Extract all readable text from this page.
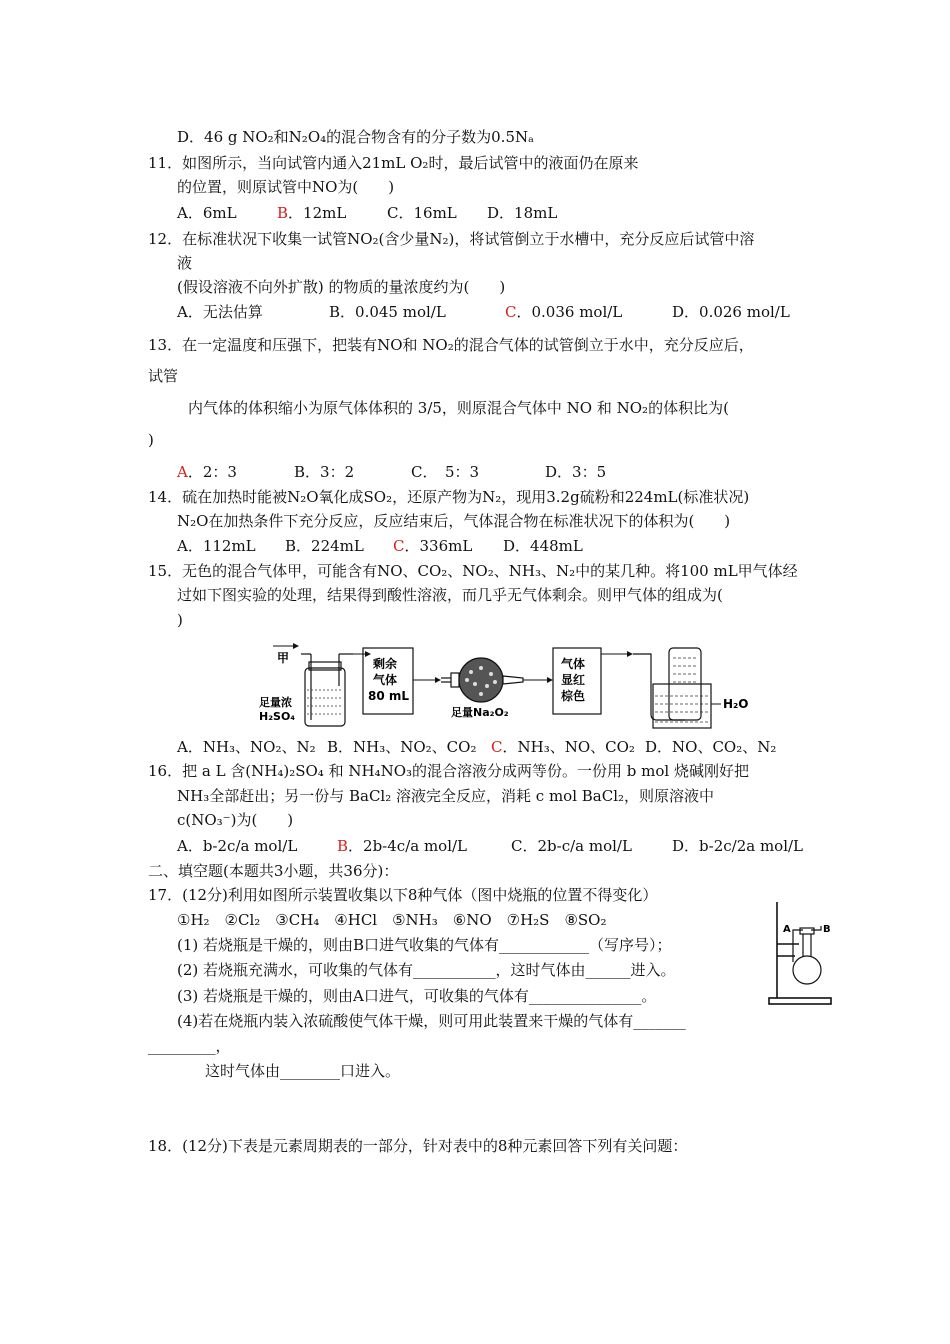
D．46 g NO₂和N₂O₄的混合物含有的分子数为0.5Nₐ
11．如图所示，当向试管内通入21mL O₂时，最后试管中的液面仍在原来
的位置，则原试管中NO为(　　)
A．6mL	B．12mL	C．16mL D．18mL
12．在标准状况下收集一试管NO₂(含少量N₂)，将试管倒立于水槽中，充分反应后试管中溶
液
(假设溶液不向外扩散) 的物质的量浓度约为(　　)
A．无法估算	B．0.045 mol/L	C．0.036 mol/L	D．0.026 mol/L
13．在一定温度和压强下，把装有NO和 NO₂的混合气体的试管倒立于水中，充分反应后，
试管
内气体的体积缩小为原气体体积的 3/5，则原混合气体中 NO 和 NO₂的体积比为(
)
A．2：3	B．3：2	C．　5：3	D．3：5
14．硫在加热时能被N₂O氧化成SO₂，还原产物为N₂，现用3.2g硫粉和224mL(标准状况)
N₂O在加热条件下充分反应，反应结束后，气体混合物在标准状况下的体积为(　　)
A．112mL B．224mL C．336mL D．448mL
15．无色的混合气体甲，可能含有NO、CO₂、NO₂、NH₃、N₂中的某几种。将100 mL甲气体经
过如下图实验的处理，结果得到酸性溶液，而几乎无气体剩余。则甲气体的组成为(
)
甲
足量浓
H₂SO₄
剩余
气体
80 mL
足量Na₂O₂
气体
显红
棕色
H₂O
A．NH₃、NO₂、N₂ B．NH₃、NO₂、CO₂ C．NH₃、NO、CO₂ D．NO、CO₂、N₂
16．把 a L 含(NH₄)₂SO₄ 和 NH₄NO₃的混合溶液分成两等份。一份用 b mol 烧碱刚好把
NH₃全部赶出；另一份与 BaCl₂ 溶液完全反应，消耗 c mol BaCl₂，则原溶液中
c(NO₃⁻)为(　　)
A．b-2c/a mol/L	B．2b-4c/a mol/L	C．2b-c/a mol/L	D．b-2c/2a mol/L
二、填空题(本题共3小题，共36分)：
17．(12分)利用如图所示装置收集以下8种气体（图中烧瓶的位置不得变化）
①H₂　②Cl₂　③CH₄　④HCl　⑤NH₃　⑥NO　⑦H₂S　⑧SO₂
(1) 若烧瓶是干燥的，则由B口进气收集的气体有____________（写序号）；
(2) 若烧瓶充满水，可收集的气体有___________，这时气体由______进入。
(3) 若烧瓶是干燥的，则由A口进气，可收集的气体有_______________。
(4)若在烧瓶内装入浓硫酸使气体干燥，则可用此装置来干燥的气体有_______
_________，
这时气体由________口进入。
A	B
18．(12分)下表是元素周期表的一部分，针对表中的8种元素回答下列有关问题：
